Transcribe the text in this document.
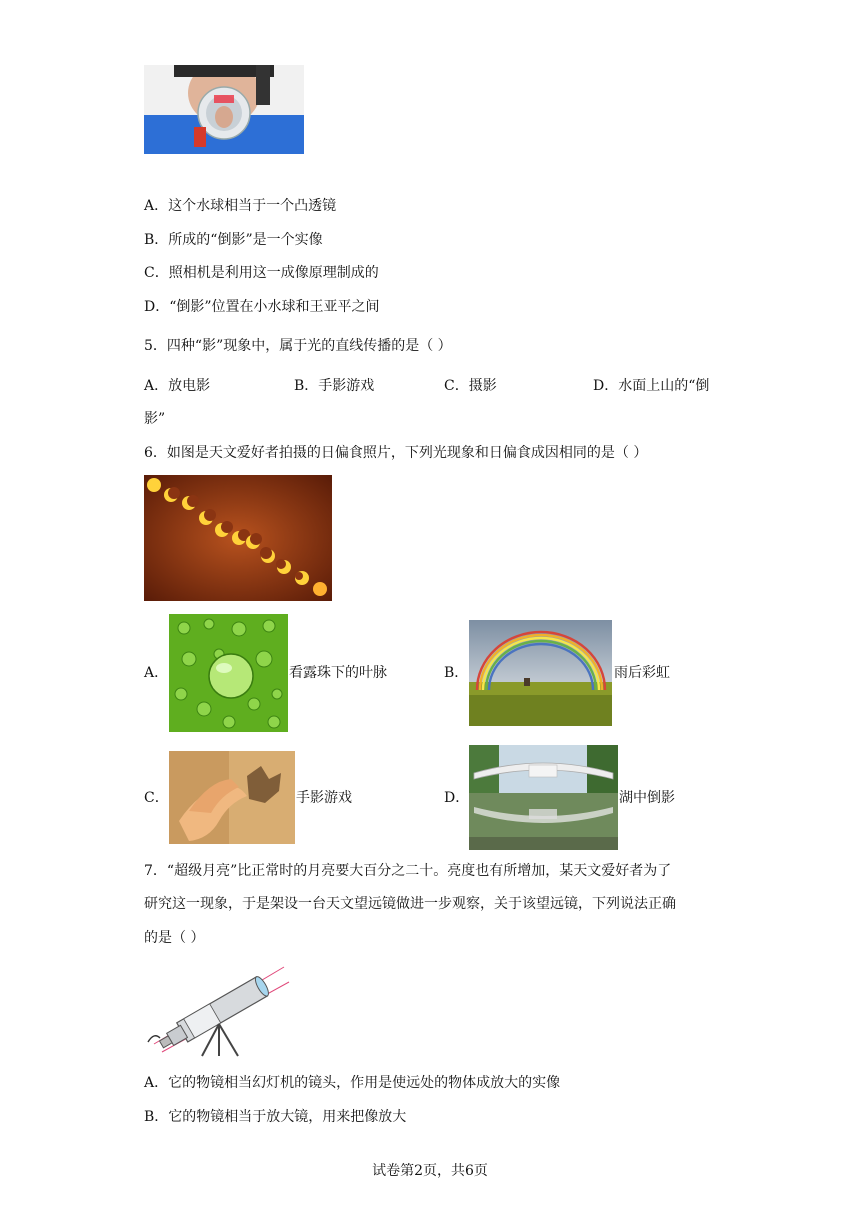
A．这个水球相当于一个凸透镜
B．所成的“倒影”是一个实像
C．照相机是利用这一成像原理制成的
D．“倒影”位置在小水球和王亚平之间
5．四种“影”现象中，属于光的直线传播的是（ ）
A．放电影	B．手影游戏	C．摄影	D．水面上山的“倒
影”
6．如图是天文爱好者拍摄的日偏食照片，下列光现象和日偏食成因相同的是（ ）
A．	看露珠下的叶脉	B．	雨后彩虹
C．	手影游戏	D．	湖中倒影
7．“超级月亮”比正常时的月亮要大百分之二十。亮度也有所增加，某天文爱好者为了
研究这一现象，于是架设一台天文望远镜做进一步观察，关于该望远镜，下列说法正确
的是（ ）
A．它的物镜相当幻灯机的镜头，作用是使远处的物体成放大的实像
B．它的物镜相当于放大镜，用来把像放大
试卷第2页，共6页
